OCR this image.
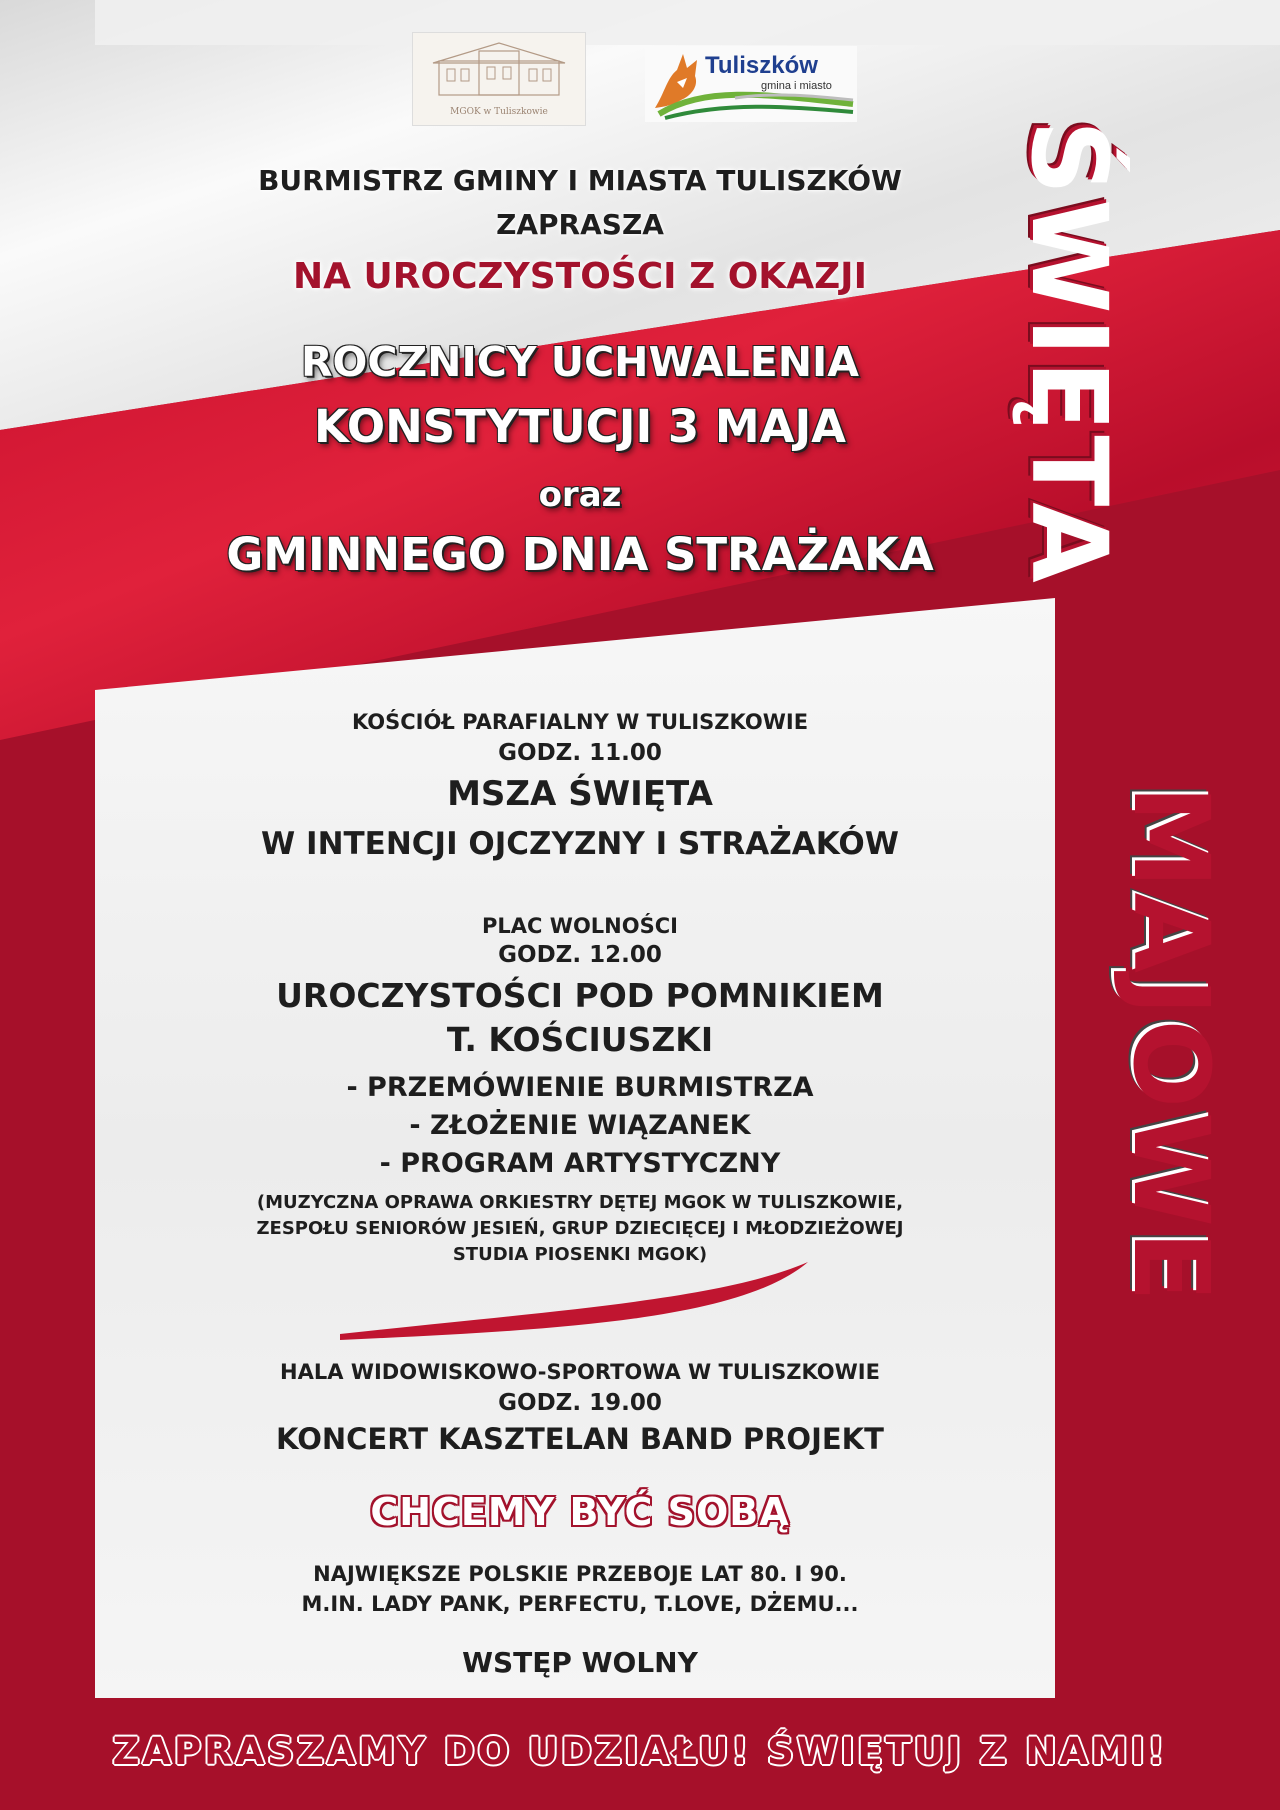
MGOK w Tuliszkowie
Tuliszków
gmina i miasto
BURMISTRZ GMINY I MIASTA TULISZKÓW
ZAPRASZA
NA UROCZYSTOŚCI Z OKAZJI
ROCZNICY UCHWALENIA
KONSTYTUCJI 3 MAJA
oraz
GMINNEGO DNIA STRAŻAKA ŚWIĘTA
MAJOWE
KOŚCIÓŁ PARAFIALNY W TULISZKOWIE
GODZ. 11.00
MSZA ŚWIĘTA
W INTENCJI OJCZYZNY I STRAŻAKÓW
PLAC WOLNOŚCI
GODZ. 12.00
UROCZYSTOŚCI POD POMNIKIEM
T. KOŚCIUSZKI
- PRZEMÓWIENIE BURMISTRZA
- ZŁOŻENIE WIĄZANEK
- PROGRAM ARTYSTYCZNY
(MUZYCZNA OPRAWA ORKIESTRY DĘTEJ MGOK W TULISZKOWIE,
ZESPOŁU SENIORÓW JESIEŃ, GRUP DZIECIĘCEJ I MŁODZIEŻOWEJ
STUDIA PIOSENKI MGOK)
HALA WIDOWISKOWO-SPORTOWA W TULISZKOWIE
GODZ. 19.00
KONCERT KASZTELAN BAND PROJEKT
CHCEMY BYĆ SOBĄ
NAJWIĘKSZE POLSKIE PRZEBOJE LAT 80. I 90.
M.IN. LADY PANK, PERFECTU, T.LOVE, DŻEMU...
WSTĘP WOLNY
ZAPRASZAMY DO UDZIAŁU! ŚWIĘTUJ Z NAMI!
